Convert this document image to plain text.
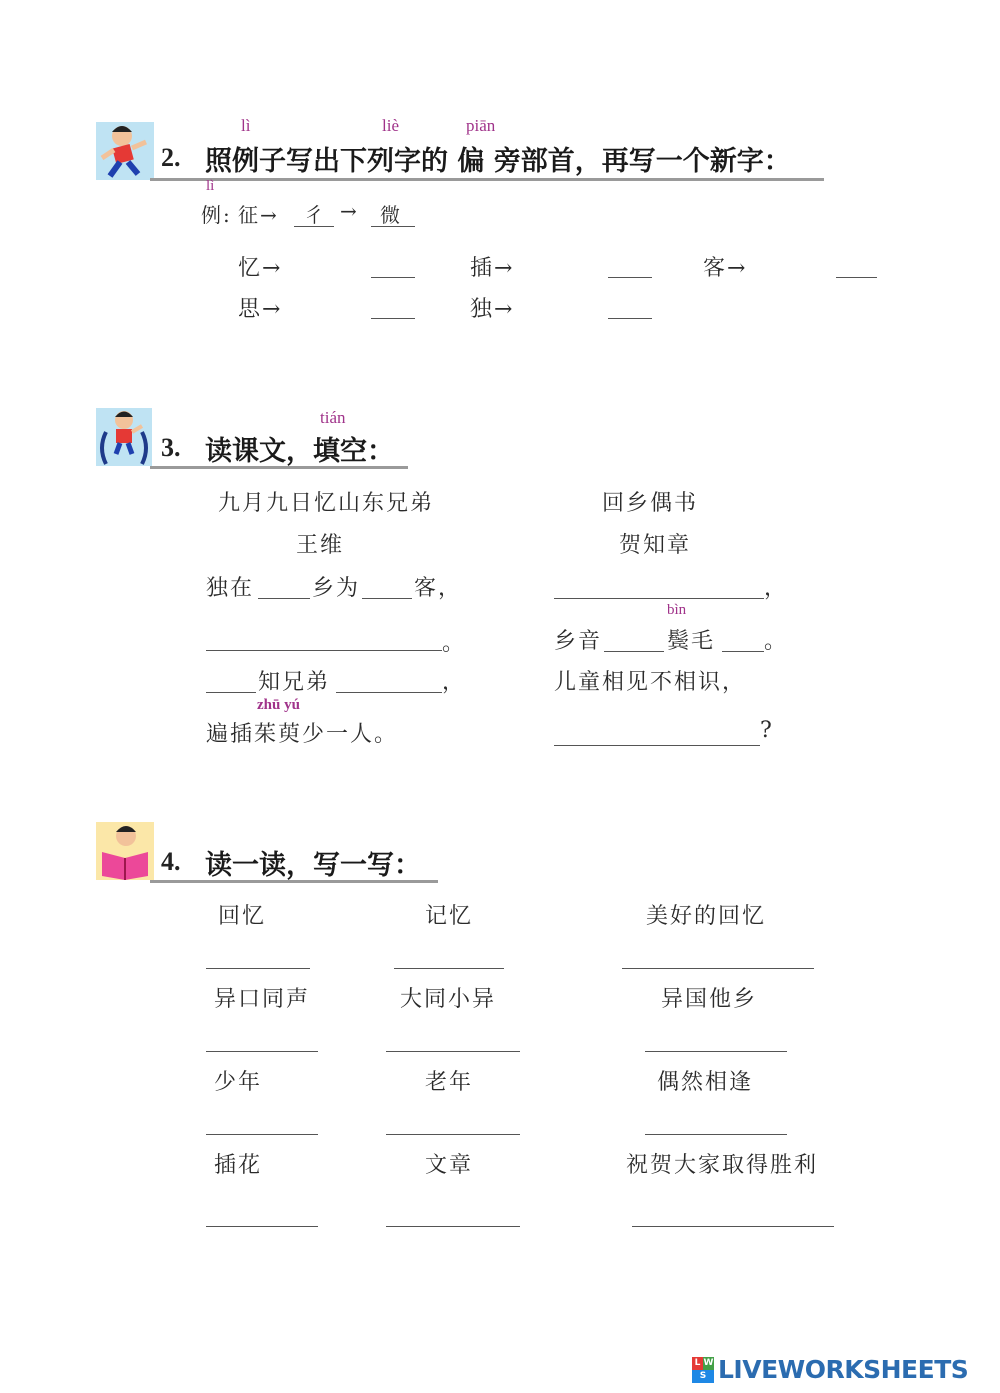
lì	liè	piān
2. 照例子写出下列字的 偏 旁部首，再写一个新字：
lì
例: 征→ 彳 → 微
忆→	插→	客→
思→	独→
tián
3. 读课文，填空：
九月九日忆山东兄弟
王维
独在	乡为 客，
。
知兄弟	，
zhū yú
遍插茱萸少一人。
回乡偶书
贺知章
，
bìn
乡音	鬓毛 。
儿童相见不相识，
?
4. 读一读，写一写：
回忆	记忆	美好的回忆
异口同声	大同小异	异国他乡
少年	老年	偶然相逢
插花	文章	祝贺大家取得胜利
L W
S LIVEWORKSHEETS
